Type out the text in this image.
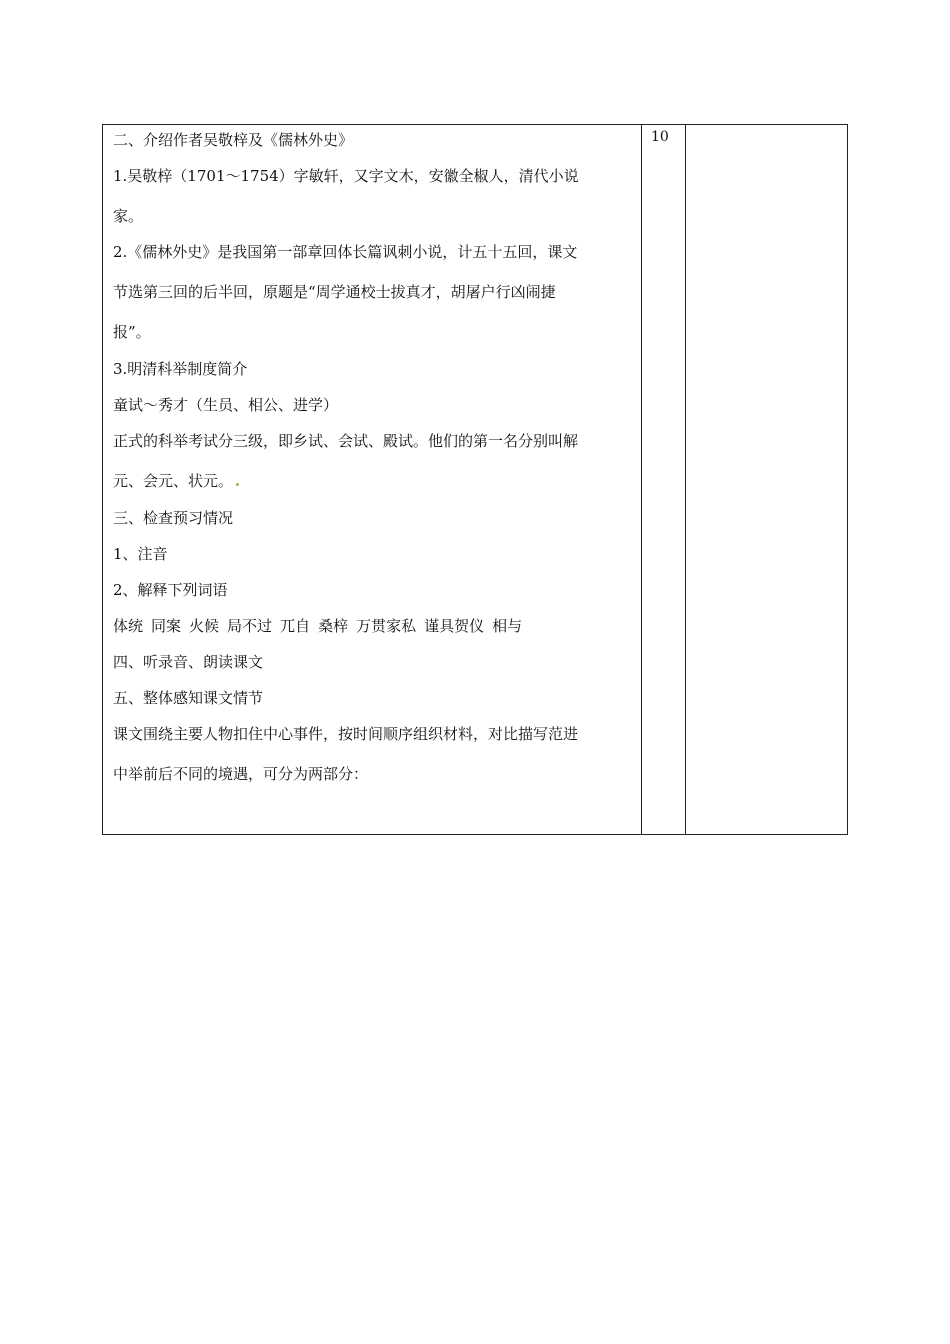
二、介绍作者吴敬梓及《儒林外史》
1.吴敬梓（1701～1754）字敏轩，又字文木，安徽全椒人，清代小说
家。
2.《儒林外史》是我国第一部章回体长篇讽刺小说，计五十五回，课文
节选第三回的后半回，原题是“周学通校士拔真才，胡屠户行凶闹捷
报”。
3.明清科举制度简介
童试～秀才（生员、相公、进学）
正式的科举考试分三级，即乡试、会试、殿试。他们的第一名分别叫解
元、会元、状元。
三、检查预习情况
1、注音
2、解释下列词语
体统 同案 火候 局不过 兀自 桑梓 万贯家私 谨具贺仪 相与
四、听录音、朗读课文
五、整体感知课文情节
课文围绕主要人物扣住中心事件，按时间顺序组织材料，对比描写范进
中举前后不同的境遇，可分为两部分：
10
